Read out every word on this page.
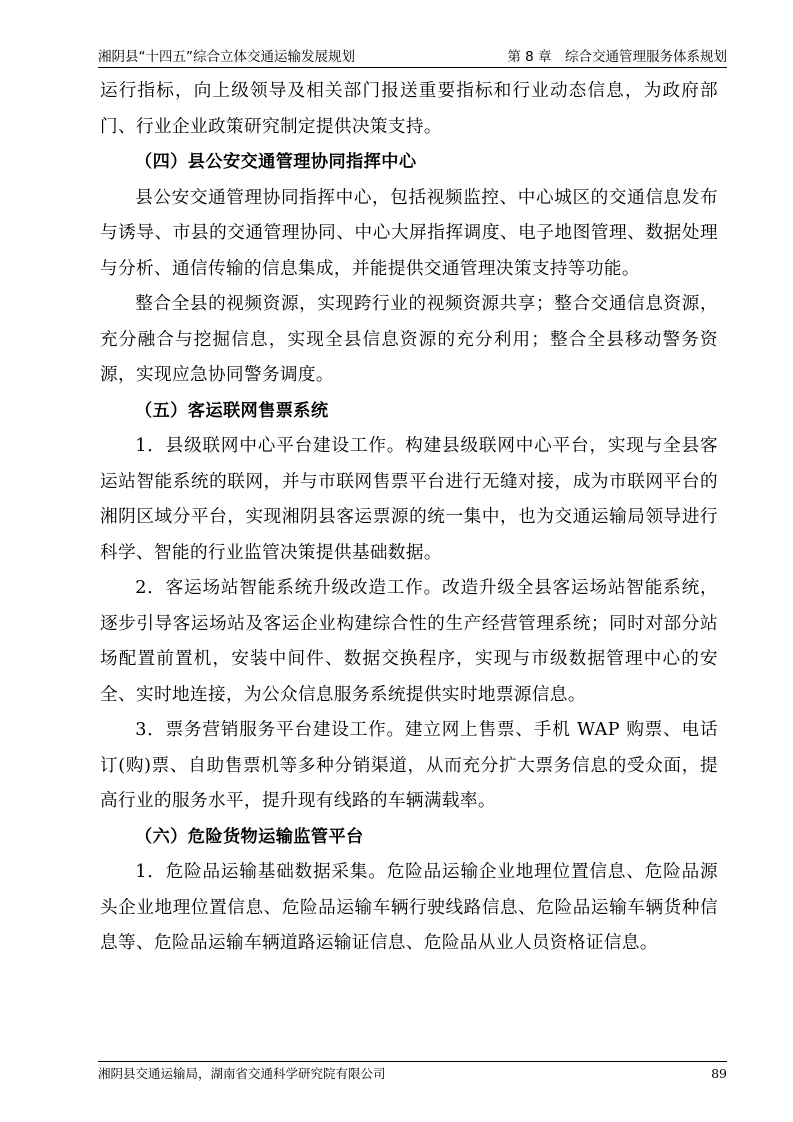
湘阴县“十四五”综合立体交通运输发展规划	第 8 章　综合交通管理服务体系规划

运行指标，向上级领导及相关部门报送重要指标和行业动态信息，为政府部门、行业企业政策研究制定提供决策支持。

（四）县公安交通管理协同指挥中心

县公安交通管理协同指挥中心，包括视频监控、中心城区的交通信息发布与诱导、市县的交通管理协同、中心大屏指挥调度、电子地图管理、数据处理与分析、通信传输的信息集成，并能提供交通管理决策支持等功能。

整合全县的视频资源，实现跨行业的视频资源共享；整合交通信息资源，充分融合与挖掘信息，实现全县信息资源的充分利用；整合全县移动警务资源，实现应急协同警务调度。

（五）客运联网售票系统

1．县级联网中心平台建设工作。构建县级联网中心平台，实现与全县客运站智能系统的联网，并与市联网售票平台进行无缝对接，成为市联网平台的湘阴区域分平台，实现湘阴县客运票源的统一集中，也为交通运输局领导进行科学、智能的行业监管决策提供基础数据。

2．客运场站智能系统升级改造工作。改造升级全县客运场站智能系统，逐步引导客运场站及客运企业构建综合性的生产经营管理系统；同时对部分站场配置前置机，安装中间件、数据交换程序，实现与市级数据管理中心的安全、实时地连接，为公众信息服务系统提供实时地票源信息。

3．票务营销服务平台建设工作。建立网上售票、手机 WAP 购票、电话订(购)票、自助售票机等多种分销渠道，从而充分扩大票务信息的受众面，提高行业的服务水平，提升现有线路的车辆满载率。

（六）危险货物运输监管平台

1．危险品运输基础数据采集。危险品运输企业地理位置信息、危险品源头企业地理位置信息、危险品运输车辆行驶线路信息、危险品运输车辆货种信息等、危险品运输车辆道路运输证信息、危险品从业人员资格证信息。

湘阴县交通运输局，湖南省交通科学研究院有限公司	89
